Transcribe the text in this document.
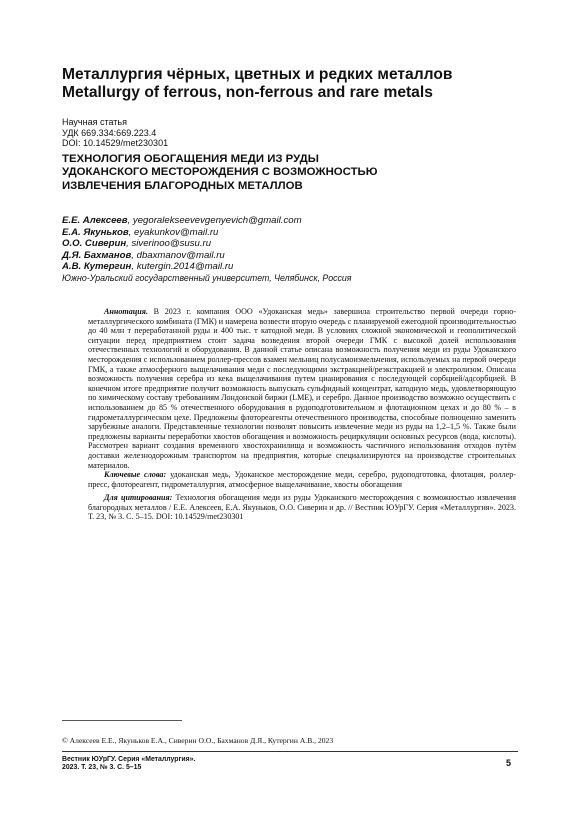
Металлургия чёрных, цветных и редких металлов
Metallurgy of ferrous, non-ferrous and rare metals
Научная статья
УДК 669.334:669.223.4
DOI: 10.14529/met230301
ТЕХНОЛОГИЯ ОБОГАЩЕНИЯ МЕДИ ИЗ РУДЫ
УДОКАНСКОГО МЕСТОРОЖДЕНИЯ С ВОЗМОЖНОСТЬЮ
ИЗВЛЕЧЕНИЯ БЛАГОРОДНЫХ МЕТАЛЛОВ
Е.Е. Алексеев, yegoralekseevevgenyevich@gmail.com
Е.А. Якуньков, eyakunkov@mail.ru
О.О. Сиверин, siverinoo@susu.ru
Д.Я. Бахманов, dbaxmanov@mail.ru
А.В. Кутергин, kutergin.2014@mail.ru
Южно-Уральский государственный университет, Челябинск, Россия

Аннотация. В 2023 г. компания ООО «Удоканская медь» завершила строительство первой очереди горно-металлургического комбината (ГМК) и намерена возвести вторую очередь с планируемой ежегодной производительностью до 40 млн т переработанной руды и 400 тыс. т катодной меди. В условиях сложной экономической и геополитической ситуации перед предприятием стоит задача возведения второй очереди ГМК с высокой долей использования отечественных технологий и оборудования. В данной статье описана возможность получения меди из руды Удоканского месторождения с использованием роллер-прессов взамен мельниц полусамоизмельчения, используемых на первой очереди ГМК, а также атмосферного выщелачивания меди с последующими экстракцией/реэкстракцией и электролизом. Описана возможность получения серебра из кека выщелачивания путем цианирования с последующей сорбцией/адсорбцией. В конечном итоге предприятие получит возможность выпускать сульфидный концентрат, катодную медь, удовлетворяющую по химическому составу требованиям Лондонской биржи (LME), и серебро. Данное производство возможно осуществить с использованием до 85 % отечественного оборудования в рудоподготовительном и флотационном цехах и до 80 % – в гидрометаллургическом цехе. Предложены флотореагенты отечественного производства, способные полноценно заменить зарубежные аналоги. Представленные технологии позволят повысить извлечение меди из руды на 1,2–1,5 %. Также были предложены варианты переработки хвостов обогащения и возможность рециркуляции основных ресурсов (вода, кислоты). Рассмотрен вариант создания временного хвостохранилища и возможность частичного использования отходов путём доставки железнодорожным транспортом на предприятия, которые специализируются на производстве строительных материалов.

Ключевые слова: удоканская медь, Удоканское месторождение меди, серебро, рудоподготовка, флотация, роллер-пресс, флотореагент, гидрометаллургия, атмосферное выщелачивание, хвосты обогащения

Для цитирования: Технология обогащения меди из руды Удоканского месторождения с возможностью извлечения благородных металлов / Е.Е. Алексеев, Е.А. Якуньков, О.О. Сиверин и др. // Вестник ЮУрГУ. Серия «Металлургия». 2023. Т. 23, № 3. С. 5–15. DOI: 10.14529/met230301

© Алексеев Е.Е., Якуньков Е.А., Сиверин О.О., Бахманов Д.Я., Кутергин А.В., 2023
Вестник ЮУрГУ. Серия «Металлургия».
2023. Т. 23, № 3. С. 5–15	5
